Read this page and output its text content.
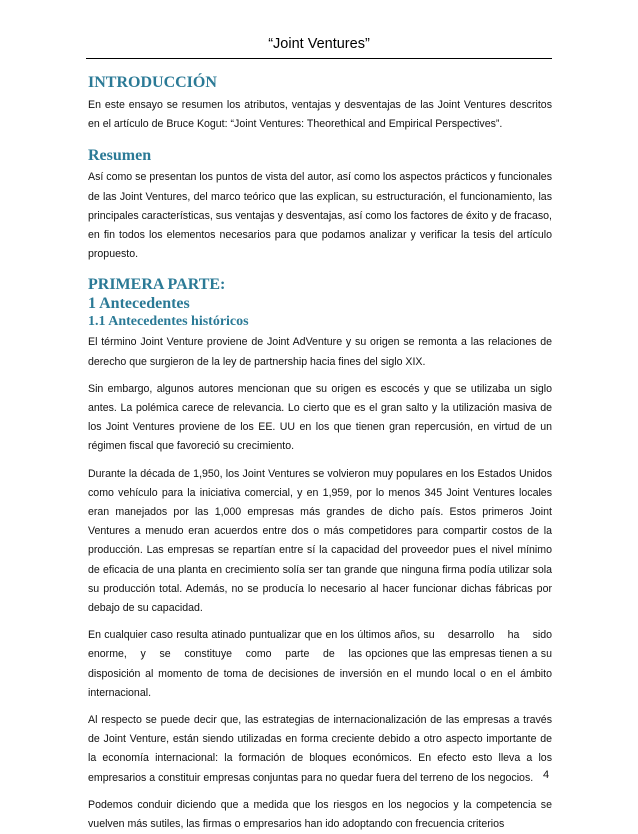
“Joint Ventures”
INTRODUCCIÓN

En este ensayo se resumen los atributos, ventajas y desventajas de las Joint Ventures descritos en el artículo de Bruce Kogut: “Joint Ventures: Theorethical and Empirical Perspectives”.

Resumen

Así como se presentan los puntos de vista del autor, así como los aspectos prácticos y funcionales de las Joint Ventures, del marco teórico que las explican, su estructuración, el funcionamiento, las principales características, sus ventajas y desventajas, así como los factores de éxito y de fracaso, en fin todos los elementos necesarios para que podamos analizar y verificar la tesis del artículo propuesto.

PRIMERA PARTE:
1 Antecedentes
1.1 Antecedentes históricos

El término Joint Venture proviene de Joint AdVenture y su origen se remonta a las relaciones de derecho que surgieron de la ley de partnership hacia fines del siglo XIX.

Sin embargo, algunos autores mencionan que su origen es escocés y que se utilizaba un siglo antes. La polémica carece de relevancia. Lo cierto que es el gran salto y la utilización masiva de los Joint Ventures proviene de los EE. UU en los que tienen gran repercusión, en virtud de un régimen fiscal que favoreció su crecimiento.

Durante la década de 1,950, los Joint Ventures se volvieron muy populares en los Estados Unidos como vehículo para la iniciativa comercial, y en 1,959, por lo menos 345 Joint Ventures locales eran manejados por las 1,000 empresas más grandes de dicho país. Estos primeros Joint Ventures a menudo eran acuerdos entre dos o más competidores para compartir costos de la producción. Las empresas se repartían entre sí la capacidad del proveedor pues el nivel mínimo de eficacia de una planta en crecimiento solía ser tan grande que ninguna firma podía utilizar sola su producción total. Además, no se producía lo necesario al hacer funcionar dichas fábricas por debajo de su capacidad.

En cualquier caso resulta atinado puntualizar que en los últimos años, su    desarrollo    ha    sido enorme,    y    se    constituye    como    parte    de    las opciones que las empresas tienen a su disposición al momento de toma de decisiones de inversión en el mundo local o en el ámbito internacional.

Al respecto se puede decir que, las estrategias de internacionalización de las empresas a través de Joint Venture, están siendo utilizadas en forma creciente debido a otro aspecto importante de la economía internacional: la formación de bloques económicos. En efecto esto lleva a los empresarios a constituir empresas conjuntas para no quedar fuera del terreno de los negocios.

Podemos conduir diciendo que a medida que los riesgos en los negocios y la competencia se vuelven más sutiles, las firmas o empresarios han ido adoptando con frecuencia criterios

4
